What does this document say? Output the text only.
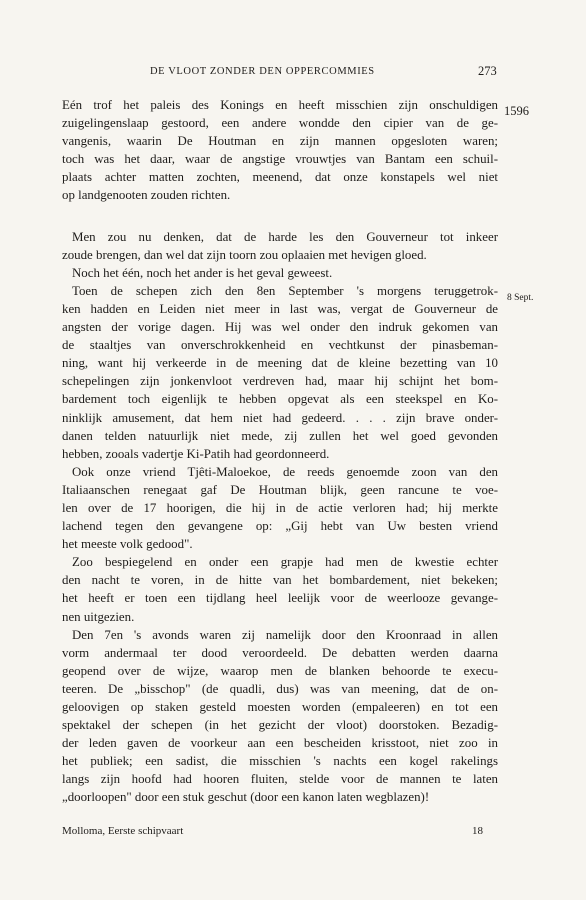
DE VLOOT ZONDER DEN OPPERCOMMIES	273
1596
8 Sept.
Eén trof het paleis des Konings en heeft misschien zijn onschuldigen
zuigelingenslaap gestoord, een andere wondde den cipier van de ge-
vangenis, waarin De Houtman en zijn mannen opgesloten waren;
toch was het daar, waar de angstige vrouwtjes van Bantam een schuil-
plaats achter matten zochten, meenend, dat onze konstapels wel niet
op landgenooten zouden richten.
Men zou nu denken, dat de harde les den Gouverneur tot inkeer
zoude brengen, dan wel dat zijn toorn zou oplaaien met hevigen gloed.
Noch het één, noch het ander is het geval geweest.
Toen de schepen zich den 8en September 's morgens teruggetrok-
ken hadden en Leiden niet meer in last was, vergat de Gouverneur de
angsten der vorige dagen. Hij was wel onder den indruk gekomen van
de staaltjes van onverschrokkenheid en vechtkunst der pinasbeman-
ning, want hij verkeerde in de meening dat de kleine bezetting van 10
schepelingen zijn jonkenvloot verdreven had, maar hij schijnt het bom-
bardement toch eigenlijk te hebben opgevat als een steekspel en Ko-
ninklijk amusement, dat hem niet had gedeerd. . . . zijn brave onder-
danen telden natuurlijk niet mede, zij zullen het wel goed gevonden
hebben, zooals vadertje Ki-Patih had geordonneerd.
Ook onze vriend Tjêti-Maloekoe, de reeds genoemde zoon van den
Italiaanschen renegaat gaf De Houtman blijk, geen rancune te voe-
len over de 17 hoorigen, die hij in de actie verloren had; hij merkte
lachend tegen den gevangene op: „Gij hebt van Uw besten vriend
het meeste volk gedood".
Zoo bespiegelend en onder een grapje had men de kwestie echter
den nacht te voren, in de hitte van het bombardement, niet bekeken;
het heeft er toen een tijdlang heel leelijk voor de weerlooze gevange-
nen uitgezien.
Den 7en 's avonds waren zij namelijk door den Kroonraad in allen
vorm andermaal ter dood veroordeeld. De debatten werden daarna
geopend over de wijze, waarop men de blanken behoorde te execu-
teeren. De „bisschop" (de quadli, dus) was van meening, dat de on-
geloovigen op staken gesteld moesten worden (empaleeren) en tot een
spektakel der schepen (in het gezicht der vloot) doorstoken. Bezadig-
der leden gaven de voorkeur aan een bescheiden krisstoot, niet zoo in
het publiek; een sadist, die misschien 's nachts een kogel rakelings
langs zijn hoofd had hooren fluiten, stelde voor de mannen te laten
„doorloopen" door een stuk geschut (door een kanon laten wegblazen)!
Molloma, Eerste schipvaart	18
